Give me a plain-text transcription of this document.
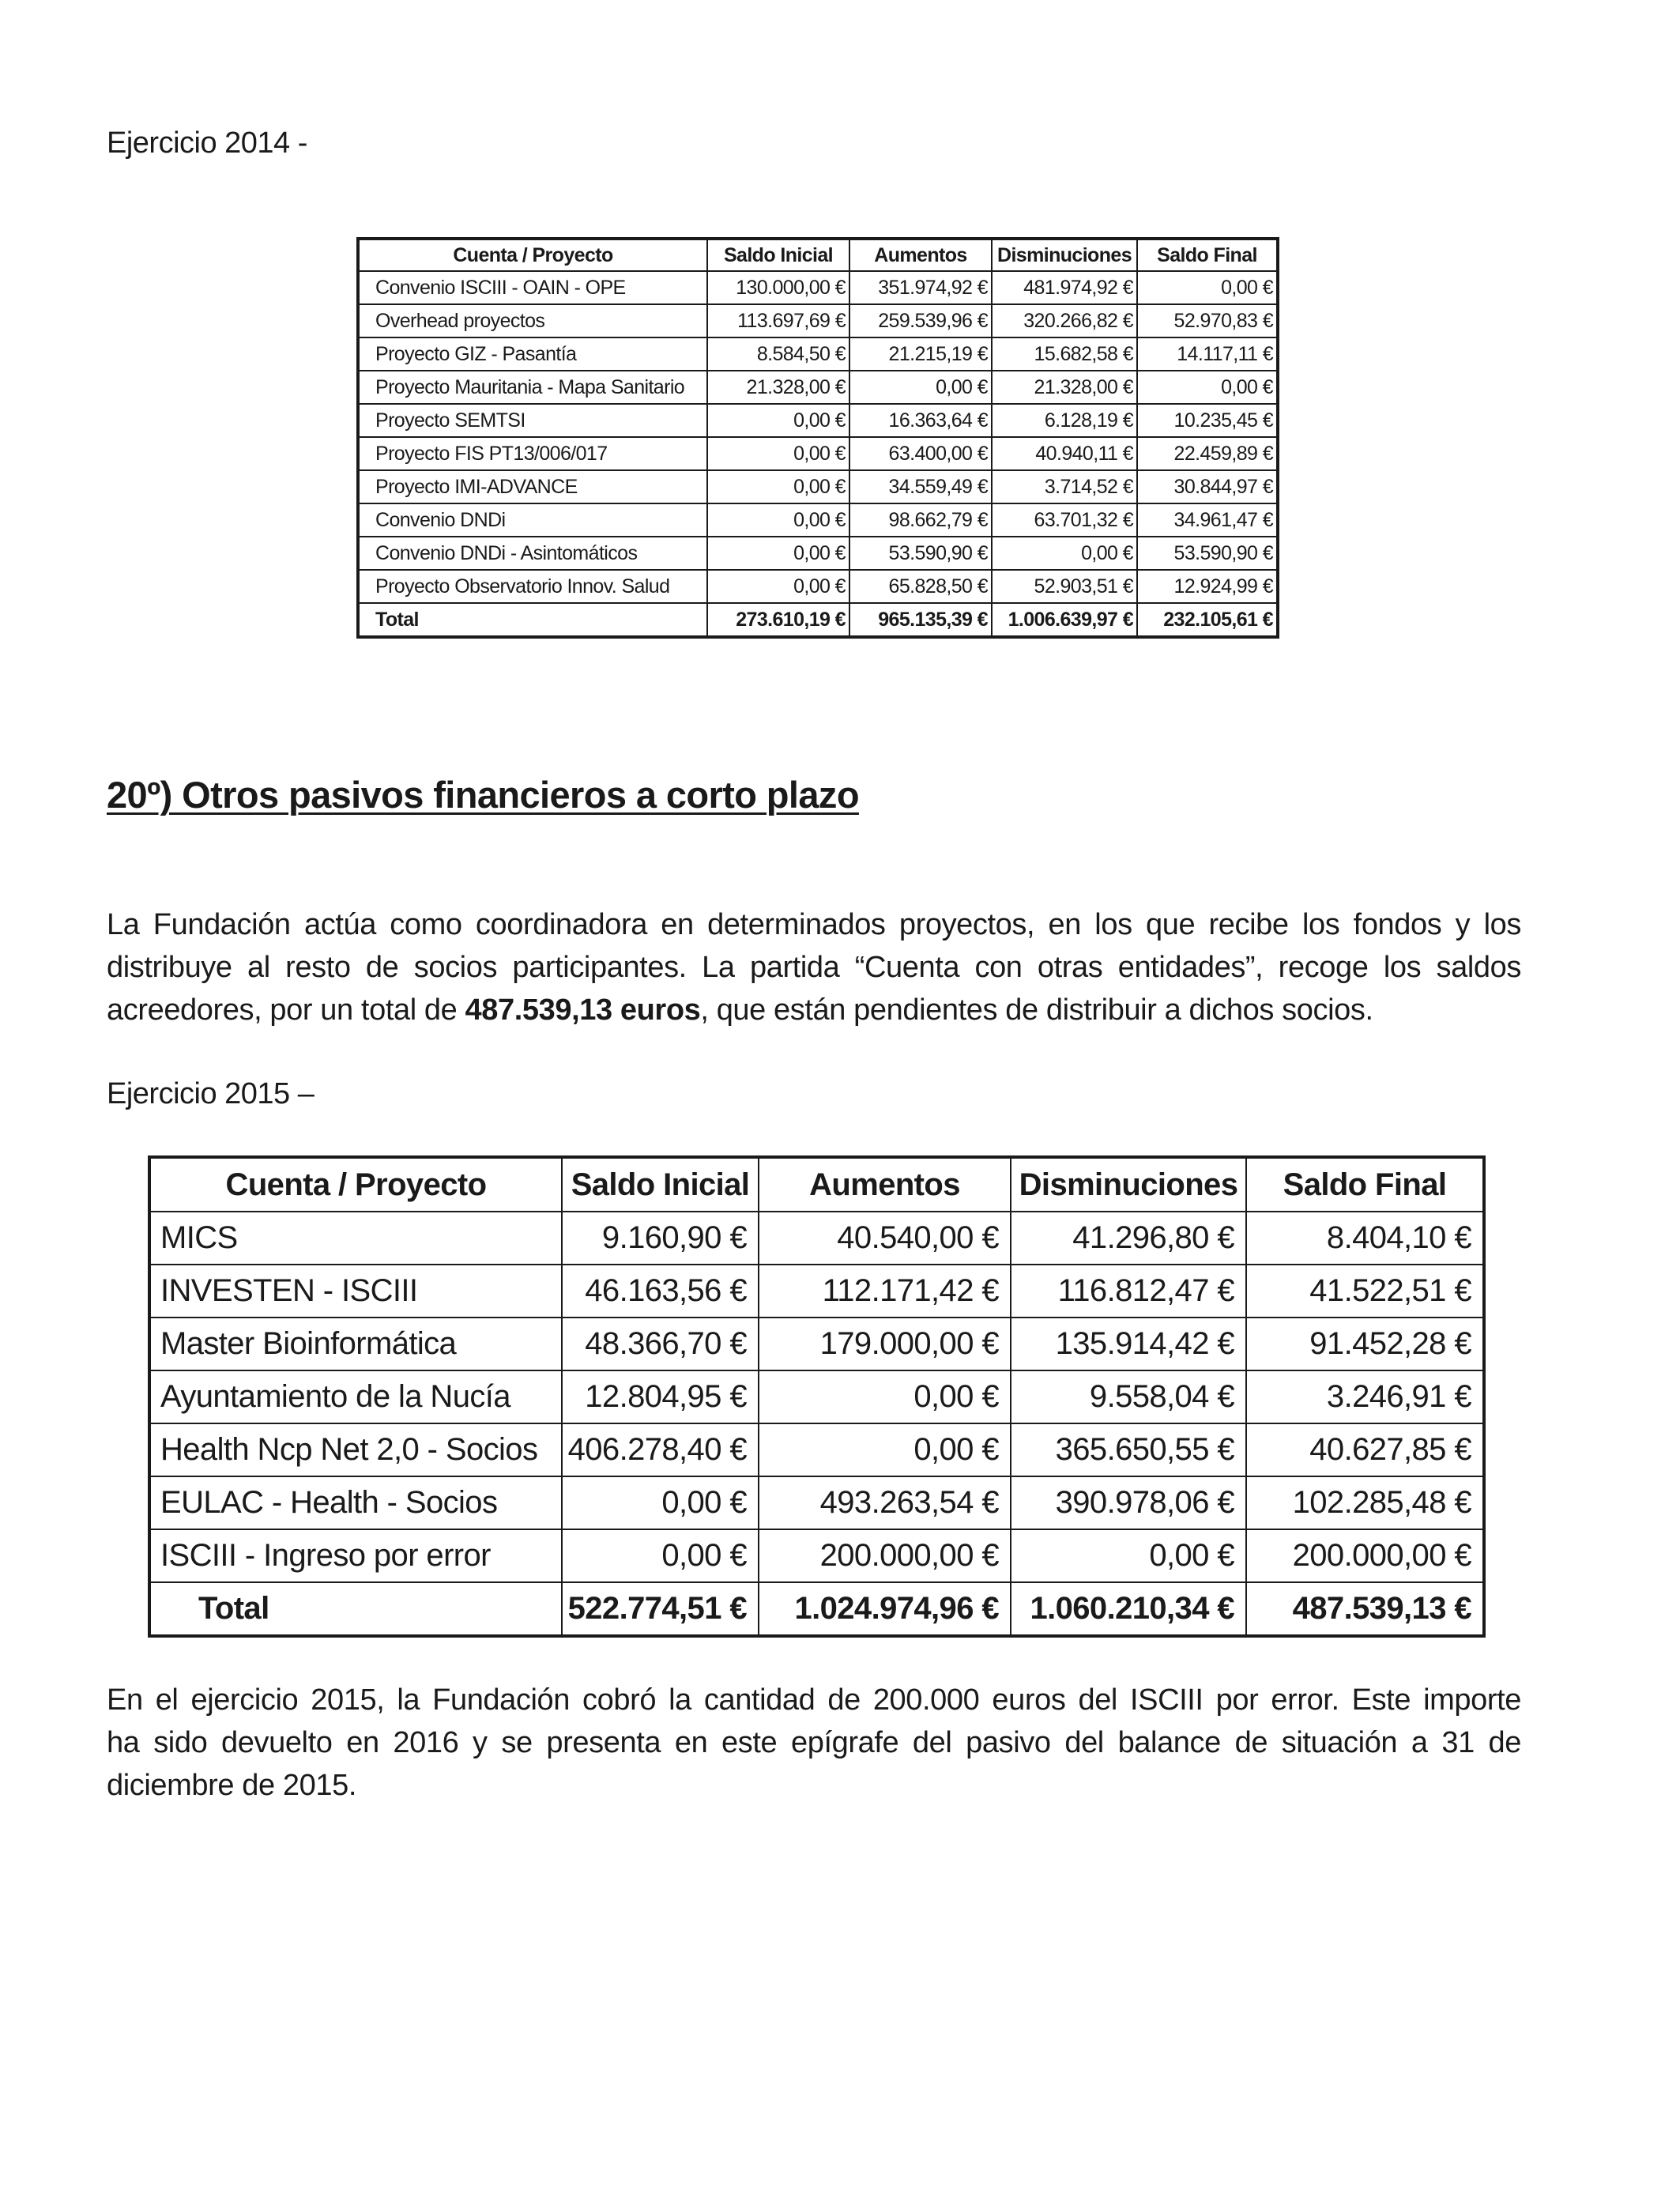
Ejercicio 2014 -
Cuenta / Proyecto	Saldo Inicial	Aumentos	Disminuciones	Saldo Final
Convenio ISCIII - OAIN - OPE	130.000,00 €	351.974,92 €	481.974,92 €	0,00 €
Overhead proyectos	113.697,69 €	259.539,96 €	320.266,82 €	52.970,83 €
Proyecto GIZ - Pasantía	8.584,50 €	21.215,19 €	15.682,58 €	14.117,11 €
Proyecto Mauritania - Mapa Sanitario	21.328,00 €	0,00 €	21.328,00 €	0,00 €
Proyecto SEMTSI	0,00 €	16.363,64 €	6.128,19 €	10.235,45 €
Proyecto FIS PT13/006/017	0,00 €	63.400,00 €	40.940,11 €	22.459,89 €
Proyecto IMI-ADVANCE	0,00 €	34.559,49 €	3.714,52 €	30.844,97 €
Convenio DNDi	0,00 €	98.662,79 €	63.701,32 €	34.961,47 €
Convenio DNDi - Asintomáticos	0,00 €	53.590,90 €	0,00 €	53.590,90 €
Proyecto Observatorio Innov. Salud	0,00 €	65.828,50 €	52.903,51 €	12.924,99 €
Total	273.610,19 €	965.135,39 €	1.006.639,97 €	232.105,61 €
20º) Otros pasivos financieros a corto plazo
La Fundación actúa como coordinadora en determinados proyectos, en los que recibe los fondos y los
distribuye al resto de socios participantes. La partida “Cuenta con otras entidades”, recoge los saldos
acreedores, por un total de 487.539,13 euros, que están pendientes de distribuir a dichos socios.
Ejercicio 2015 –
Cuenta / Proyecto	Saldo Inicial	Aumentos	Disminuciones	Saldo Final
MICS	9.160,90 €	40.540,00 €	41.296,80 €	8.404,10 €
INVESTEN - ISCIII	46.163,56 €	112.171,42 €	116.812,47 €	41.522,51 €
Master Bioinformática	48.366,70 €	179.000,00 €	135.914,42 €	91.452,28 €
Ayuntamiento de la Nucía	12.804,95 €	0,00 €	9.558,04 €	3.246,91 €
Health Ncp Net 2,0 - Socios	406.278,40 €	0,00 €	365.650,55 €	40.627,85 €
EULAC - Health - Socios	0,00 €	493.263,54 €	390.978,06 €	102.285,48 €
ISCIII - Ingreso por error	0,00 €	200.000,00 €	0,00 €	200.000,00 €
Total	522.774,51 €	1.024.974,96 €	1.060.210,34 €	487.539,13 €
En el ejercicio 2015, la Fundación cobró la cantidad de 200.000 euros del ISCIII por error. Este importe
ha sido devuelto en 2016 y se presenta en este epígrafe del pasivo del balance de situación a 31 de
diciembre de 2015.
